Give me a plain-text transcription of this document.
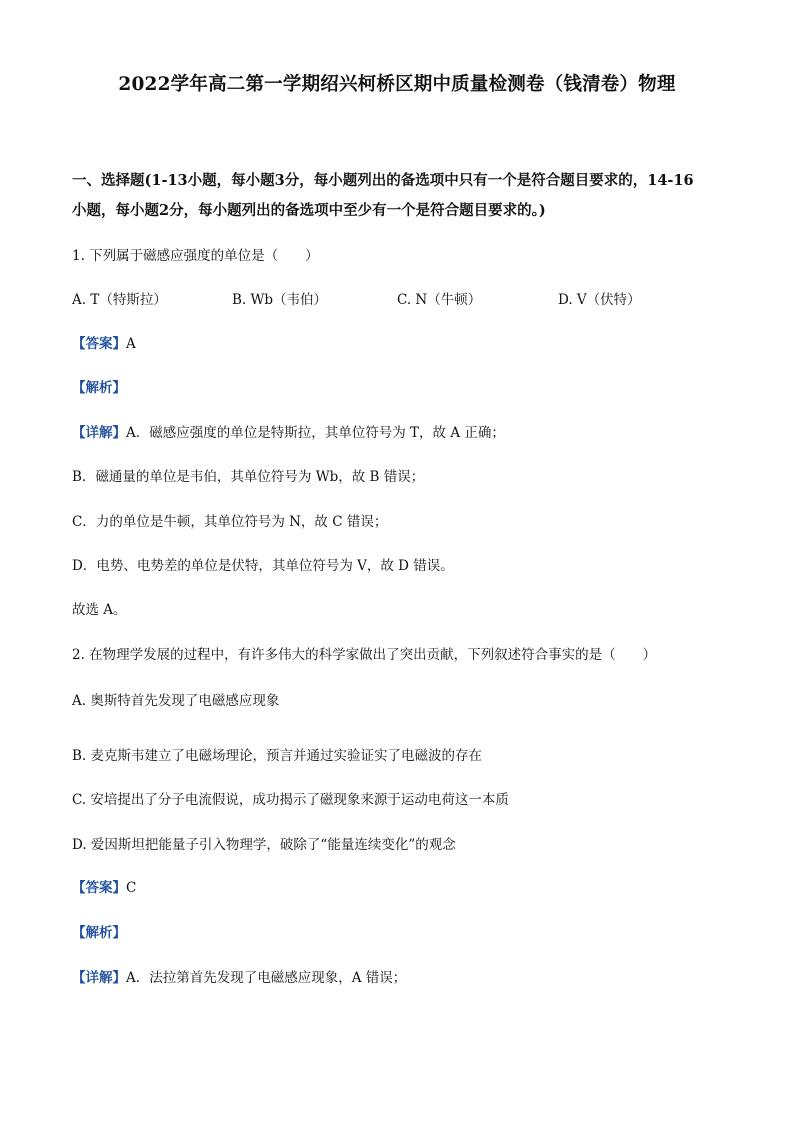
2022学年高二第一学期绍兴柯桥区期中质量检测卷（钱清卷）物理
一、选择题(1-13小题，每小题3分，每小题列出的备选项中只有一个是符合题目要求的，14-16
小题，每小题2分，每小题列出的备选项中至少有一个是符合题目要求的。)
1. 下列属于磁感应强度的单位是（　　）
A. T（特斯拉）	B. Wb（韦伯）	C. N（牛顿）	D. V（伏特）
【答案】A
【解析】
【详解】A．磁感应强度的单位是特斯拉，其单位符号为 T，故 A 正确；
B．磁通量的单位是韦伯，其单位符号为 Wb，故 B 错误；
C．力的单位是牛顿，其单位符号为 N，故 C 错误；
D．电势、电势差的单位是伏特，其单位符号为 V，故 D 错误。
故选 A。
2. 在物理学发展的过程中，有许多伟大的科学家做出了突出贡献，下列叙述符合事实的是（　　）
A. 奥斯特首先发现了电磁感应现象
B. 麦克斯韦建立了电磁场理论，预言并通过实验证实了电磁波的存在
C. 安培提出了分子电流假说，成功揭示了磁现象来源于运动电荷这一本质
D. 爱因斯坦把能量子引入物理学，破除了“能量连续变化”的观念
【答案】C
【解析】
【详解】A．法拉第首先发现了电磁感应现象，A 错误；
